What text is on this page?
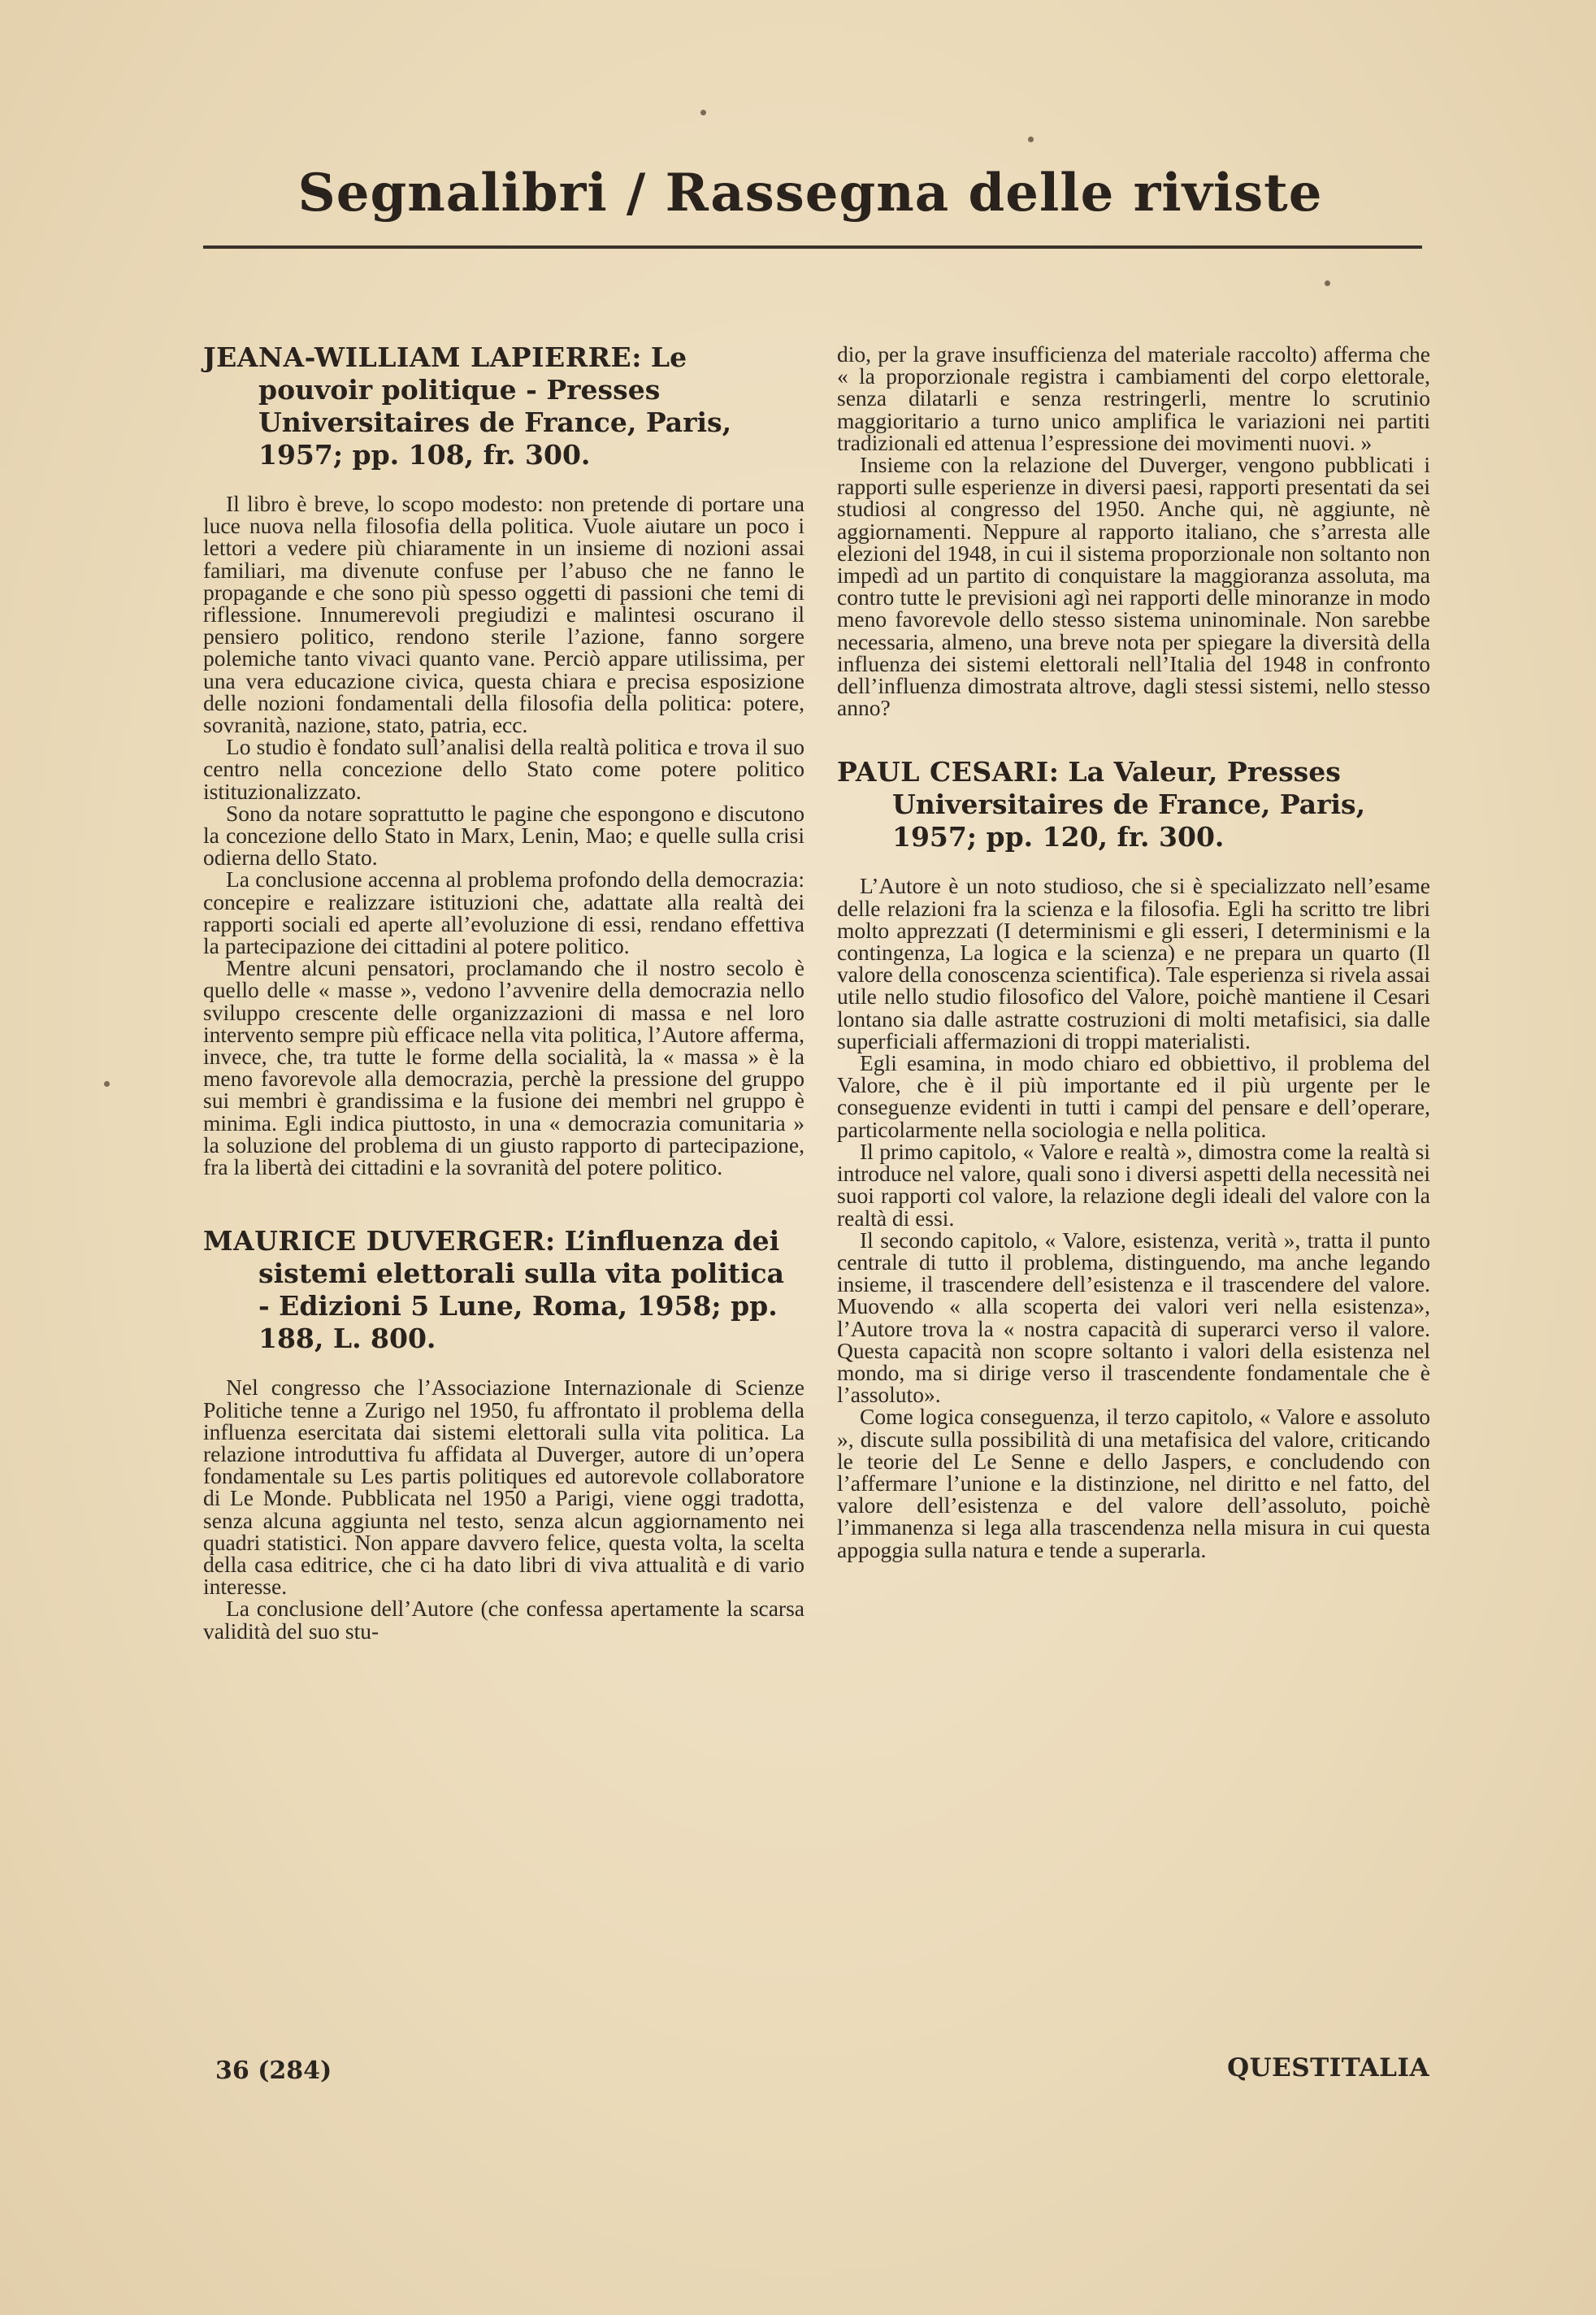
Segnalibri / Rassegna delle riviste
JEANA-WILLIAM LAPIERRE: Le pouvoir politique - Presses Universitaires de France, Paris, 1957; pp. 108, fr. 300.

Il libro è breve, lo scopo modesto: non pretende di portare una luce nuova nella filosofia della politica. Vuole aiutare un poco i lettori a vedere più chiaramente in un insieme di nozioni assai familiari, ma divenute confuse per l’abuso che ne fanno le propagande e che sono più spesso oggetti di passioni che temi di riflessione. Innumerevoli pregiudizi e malintesi oscurano il pensiero politico, rendono sterile l’azione, fanno sorgere polemiche tanto vivaci quanto vane. Perciò appare utilissima, per una vera educazione civica, questa chiara e precisa esposizione delle nozioni fondamentali della filosofia della politica: potere, sovranità, nazione, stato, patria, ecc.

Lo studio è fondato sull’analisi della realtà politica e trova il suo centro nella concezione dello Stato come potere politico istituzionalizzato.

Sono da notare soprattutto le pagine che espongono e discutono la concezione dello Stato in Marx, Lenin, Mao; e quelle sulla crisi odierna dello Stato.

La conclusione accenna al problema profondo della democrazia: concepire e realizzare istituzioni che, adattate alla realtà dei rapporti sociali ed aperte all’evoluzione di essi, rendano effettiva la partecipazione dei cittadini al potere politico.

Mentre alcuni pensatori, proclamando che il nostro secolo è quello delle « masse », vedono l’avvenire della democrazia nello sviluppo crescente delle organizzazioni di massa e nel loro intervento sempre più efficace nella vita politica, l’Autore afferma, invece, che, tra tutte le forme della socialità, la « massa » è la meno favorevole alla democrazia, perchè la pressione del gruppo sui membri è grandissima e la fusione dei membri nel gruppo è minima. Egli indica piuttosto, in una « democrazia comunitaria » la soluzione del problema di un giusto rapporto di partecipazione, fra la libertà dei cittadini e la sovranità del potere politico.

MAURICE DUVERGER: L’influenza dei sistemi elettorali sulla vita politica - Edizioni 5 Lune, Roma, 1958; pp. 188, L. 800.

Nel congresso che l’Associazione Internazionale di Scienze Politiche tenne a Zurigo nel 1950, fu affrontato il problema della influenza esercitata dai sistemi elettorali sulla vita politica. La relazione introduttiva fu affidata al Duverger, autore di un’opera fondamentale su Les partis politiques ed autorevole collaboratore di Le Monde. Pubblicata nel 1950 a Parigi, viene oggi tradotta, senza alcuna aggiunta nel testo, senza alcun aggiornamento nei quadri statistici. Non appare davvero felice, questa volta, la scelta della casa editrice, che ci ha dato libri di viva attualità e di vario interesse.

La conclusione dell’Autore (che confessa apertamente la scarsa validità del suo stu-

dio, per la grave insufficienza del materiale raccolto) afferma che « la proporzionale registra i cambiamenti del corpo elettorale, senza dilatarli e senza restringerli, mentre lo scrutinio maggioritario a turno unico amplifica le variazioni nei partiti tradizionali ed attenua l’espressione dei movimenti nuovi. »

Insieme con la relazione del Duverger, vengono pubblicati i rapporti sulle esperienze in diversi paesi, rapporti presentati da sei studiosi al congresso del 1950. Anche qui, nè aggiunte, nè aggiornamenti. Neppure al rapporto italiano, che s’arresta alle elezioni del 1948, in cui il sistema proporzionale non soltanto non impedì ad un partito di conquistare la maggioranza assoluta, ma contro tutte le previsioni agì nei rapporti delle minoranze in modo meno favorevole dello stesso sistema uninominale. Non sarebbe necessaria, almeno, una breve nota per spiegare la diversità della influenza dei sistemi elettorali nell’Italia del 1948 in confronto dell’influenza dimostrata altrove, dagli stessi sistemi, nello stesso anno?

PAUL CESARI: La Valeur, Presses Universitaires de France, Paris, 1957; pp. 120, fr. 300.

L’Autore è un noto studioso, che si è specializzato nell’esame delle relazioni fra la scienza e la filosofia. Egli ha scritto tre libri molto apprezzati (I determinismi e gli esseri, I determinismi e la contingenza, La logica e la scienza) e ne prepara un quarto (Il valore della conoscenza scientifica). Tale esperienza si rivela assai utile nello studio filosofico del Valore, poichè mantiene il Cesari lontano sia dalle astratte costruzioni di molti metafisici, sia dalle superficiali affermazioni di troppi materialisti.

Egli esamina, in modo chiaro ed obbiettivo, il problema del Valore, che è il più importante ed il più urgente per le conseguenze evidenti in tutti i campi del pensare e dell’operare, particolarmente nella sociologia e nella politica.

Il primo capitolo, « Valore e realtà », dimostra come la realtà si introduce nel valore, quali sono i diversi aspetti della necessità nei suoi rapporti col valore, la relazione degli ideali del valore con la realtà di essi.

Il secondo capitolo, « Valore, esistenza, verità », tratta il punto centrale di tutto il problema, distinguendo, ma anche legando insieme, il trascendere dell’esistenza e il trascendere del valore. Muovendo « alla scoperta dei valori veri nella esistenza», l’Autore trova la « nostra capacità di superarci verso il valore. Questa capacità non scopre soltanto i valori della esistenza nel mondo, ma si dirige verso il trascendente fondamentale che è l’assoluto».

Come logica conseguenza, il terzo capitolo, « Valore e assoluto », discute sulla possibilità di una metafisica del valore, criticando le teorie del Le Senne e dello Jaspers, e concludendo con l’affermare l’unione e la distinzione, nel diritto e nel fatto, del valore dell’esistenza e del valore dell’assoluto, poichè l’immanenza si lega alla trascendenza nella misura in cui questa appoggia sulla natura e tende a superarla.

36 (284)	QUESTITALIA
